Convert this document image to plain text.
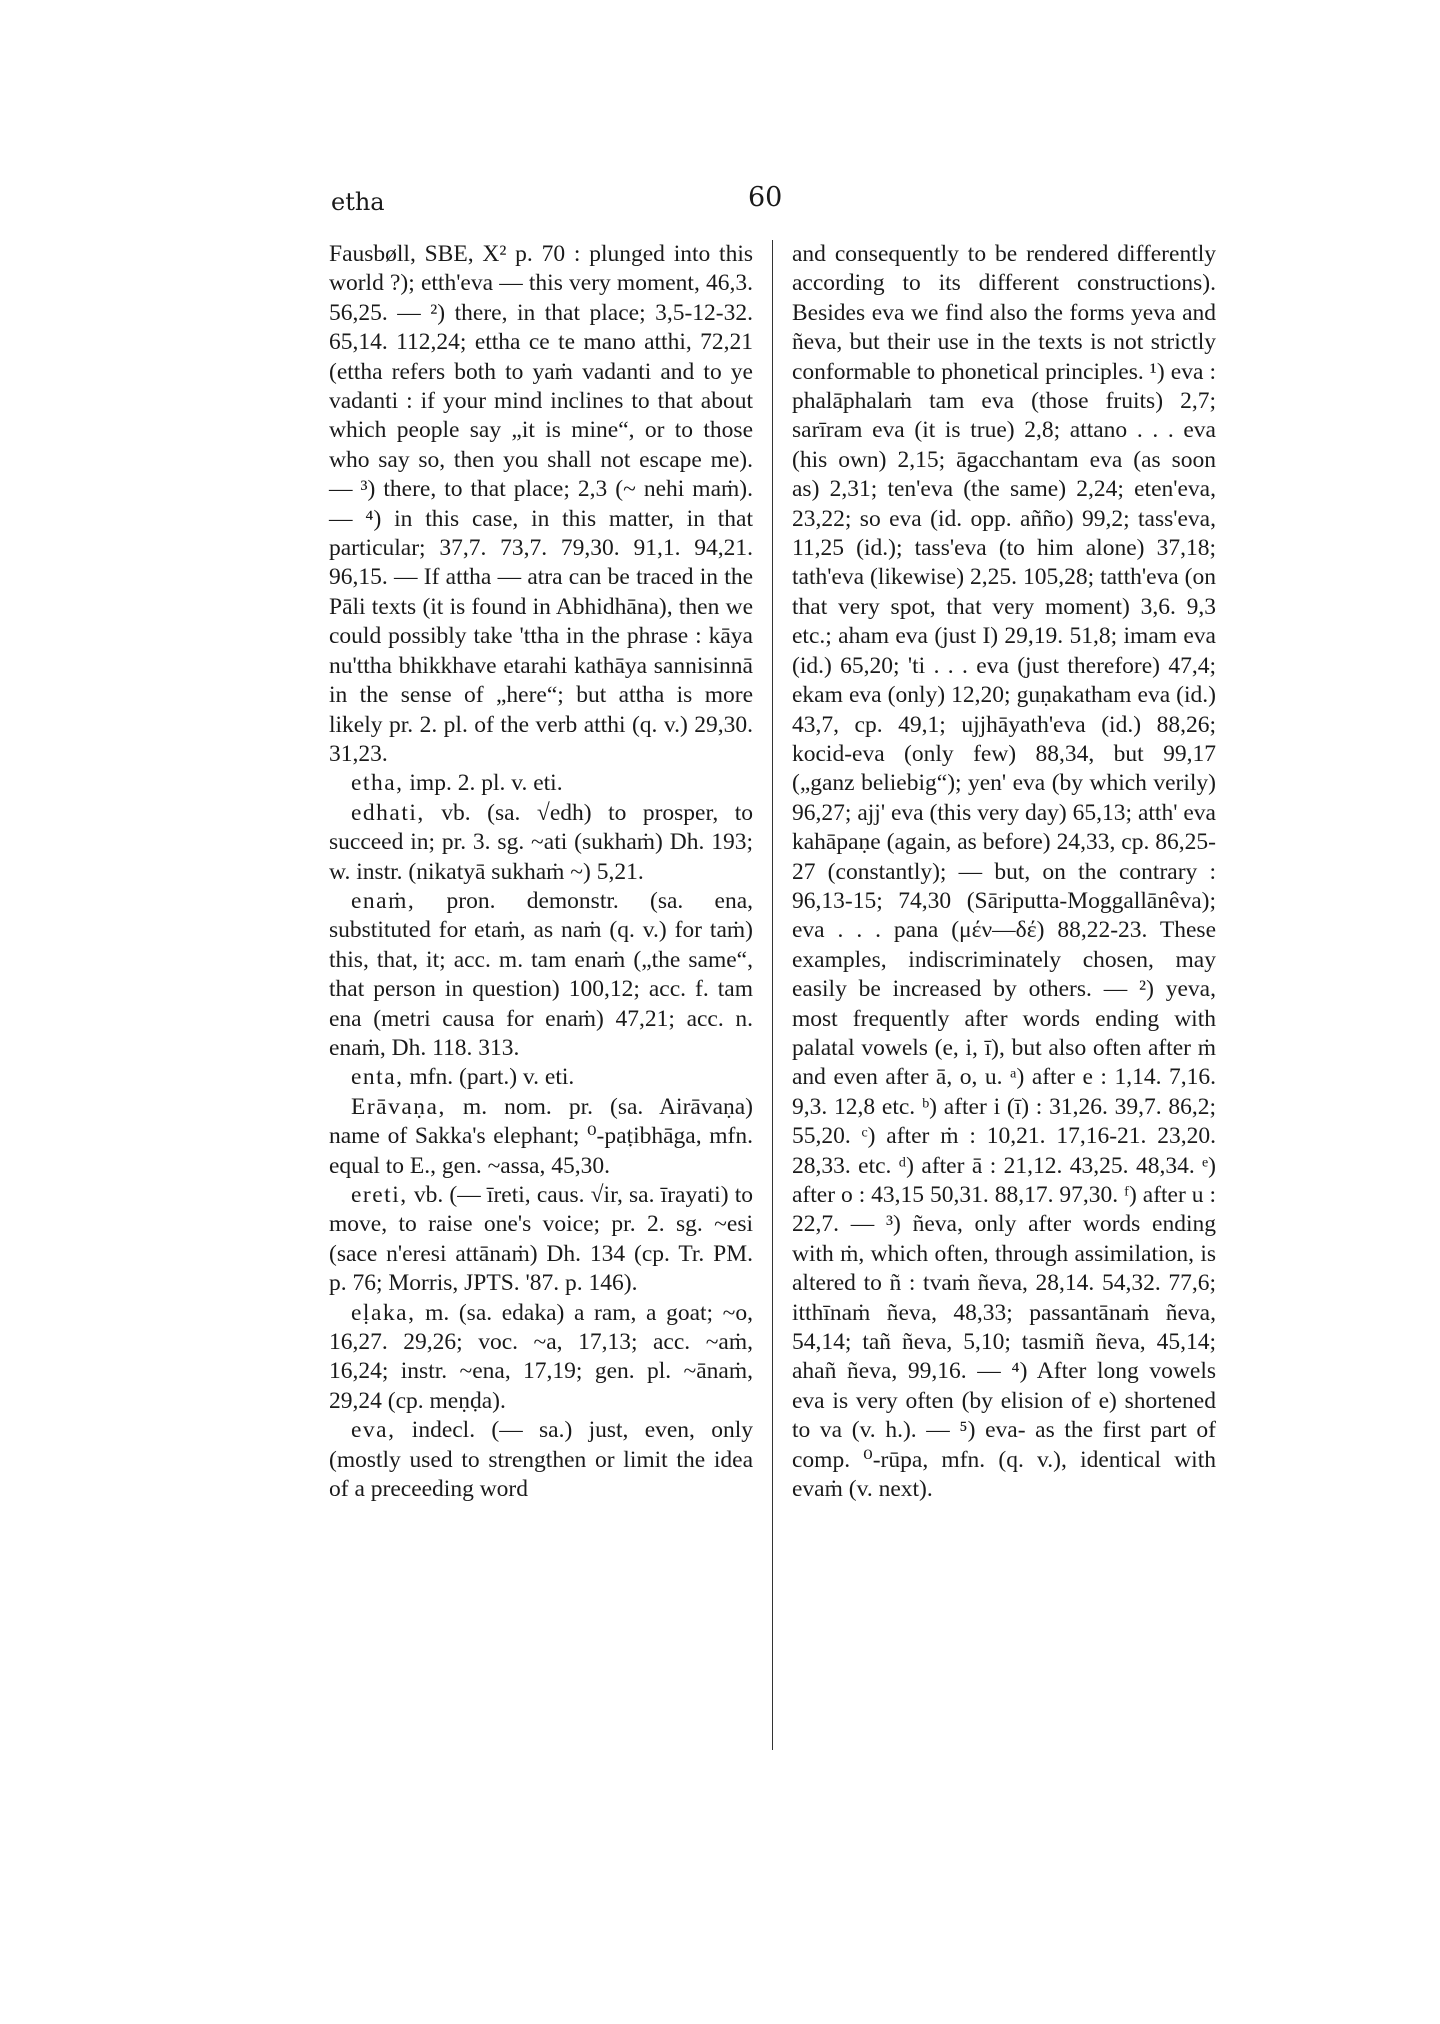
etha	60

Fausbøll, SBE, X² p. 70 : plunged into this world ?); etth'eva — this very moment, 46,3. 56,25. — ²) there, in that place; 3,5-12-32. 65,14. 112,24; ettha ce te mano atthi, 72,21 (ettha refers both to yaṁ vadanti and to ye vadanti : if your mind inclines to that about which people say „it is mine“, or to those who say so, then you shall not escape me). — ³) there, to that place; 2,3 (~ nehi maṁ). — ⁴) in this case, in this matter, in that particular; 37,7. 73,7. 79,30. 91,1. 94,21. 96,15. — If attha — atra can be traced in the Pāli texts (it is found in Abhidhāna), then we could possibly take 'ttha in the phrase : kāya nu'ttha bhikkhave etarahi kathāya sannisinnā in the sense of „here“; but attha is more likely pr. 2. pl. of the verb atthi (q. v.) 29,30. 31,23.

etha, imp. 2. pl. v. eti.

edhati, vb. (sa. √edh) to prosper, to succeed in; pr. 3. sg. ~ati (sukhaṁ) Dh. 193; w. instr. (nikatyā sukhaṁ ~) 5,21.

enaṁ, pron. demonstr. (sa. ena, substituted for etaṁ, as naṁ (q. v.) for taṁ) this, that, it; acc. m. tam enaṁ („the same“, that person in question) 100,12; acc. f. tam ena (metri causa for enaṁ) 47,21; acc. n. enaṁ, Dh. 118. 313.

enta, mfn. (part.) v. eti.

Erāvaṇa, m. nom. pr. (sa. Airāvaṇa) name of Sakka's elephant; ⁰-paṭibhāga, mfn. equal to E., gen. ~assa, 45,30.

ereti, vb. (— īreti, caus. √ir, sa. īrayati) to move, to raise one's voice; pr. 2. sg. ~esi (sace n'eresi attānaṁ) Dh. 134 (cp. Tr. PM. p. 76; Morris, JPTS. '87. p. 146).

eḷaka, m. (sa. edaka) a ram, a goat; ~o, 16,27. 29,26; voc. ~a, 17,13; acc. ~aṁ, 16,24; instr. ~ena, 17,19; gen. pl. ~ānaṁ, 29,24 (cp. meṇḍa).

eva, indecl. (— sa.) just, even, only (mostly used to strengthen or limit the idea of a preceeding word

and consequently to be rendered differently according to its different constructions). Besides eva we find also the forms yeva and ñeva, but their use in the texts is not strictly conformable to phonetical principles. ¹) eva : phalāphalaṁ tam eva (those fruits) 2,7; sarīram eva (it is true) 2,8; attano . . . eva (his own) 2,15; āgacchantam eva (as soon as) 2,31; ten'eva (the same) 2,24; eten'eva, 23,22; so eva (id. opp. añño) 99,2; tass'eva, 11,25 (id.); tass'eva (to him alone) 37,18; tath'eva (likewise) 2,25. 105,28; tatth'eva (on that very spot, that very moment) 3,6. 9,3 etc.; aham eva (just I) 29,19. 51,8; imam eva (id.) 65,20; 'ti . . . eva (just therefore) 47,4; ekam eva (only) 12,20; guṇakatham eva (id.) 43,7, cp. 49,1; ujjhāyath'eva (id.) 88,26; kocid-eva (only few) 88,34, but 99,17 („ganz beliebig“); yen' eva (by which verily) 96,27; ajj' eva (this very day) 65,13; atth' eva kahāpaṇe (again, as before) 24,33, cp. 86,25-27 (constantly); — but, on the contrary : 96,13-15; 74,30 (Sāriputta-Moggallānêva); eva . . . pana (μέν—δέ) 88,22-23. These examples, indiscriminately chosen, may easily be increased by others. — ²) yeva, most frequently after words ending with palatal vowels (e, i, ī), but also often after ṁ and even after ā, o, u. ᵃ) after e : 1,14. 7,16. 9,3. 12,8 etc. ᵇ) after i (ī) : 31,26. 39,7. 86,2; 55,20. ᶜ) after ṁ : 10,21. 17,16-21. 23,20. 28,33. etc. ᵈ) after ā : 21,12. 43,25. 48,34. ᵉ) after o : 43,15 50,31. 88,17. 97,30. ᶠ) after u : 22,7. — ³) ñeva, only after words ending with ṁ, which often, through assimilation, is altered to ñ : tvaṁ ñeva, 28,14. 54,32. 77,6; itthīnaṁ ñeva, 48,33; passantānaṁ ñeva, 54,14; tañ ñeva, 5,10; tasmiñ ñeva, 45,14; ahañ ñeva, 99,16. — ⁴) After long vowels eva is very often (by elision of e) shortened to va (v. h.). — ⁵) eva- as the first part of comp. ⁰-rūpa, mfn. (q. v.), identical with evaṁ (v. next).
